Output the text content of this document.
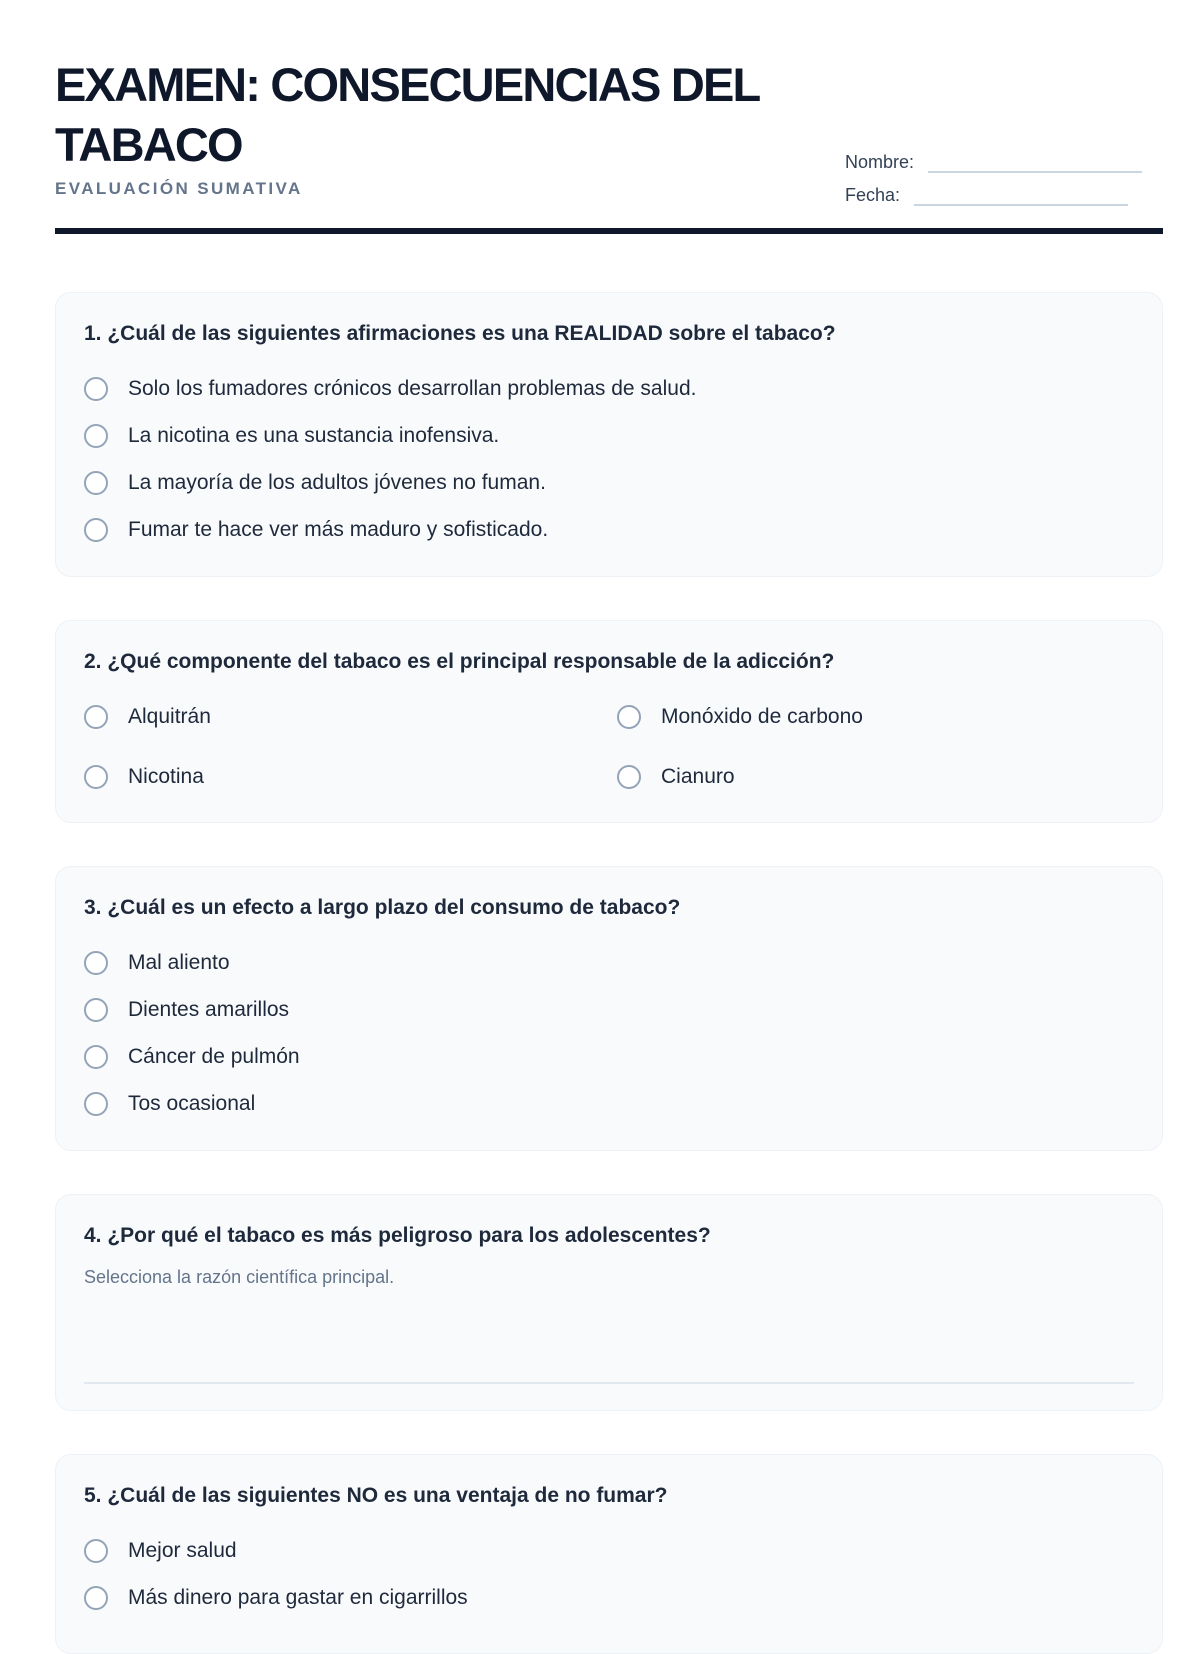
EXAMEN: CONSECUENCIAS DEL TABACO
EVALUACIÓN SUMATIVA
Nombre:
Fecha:
1. ¿Cuál de las siguientes afirmaciones es una REALIDAD sobre el tabaco?
Solo los fumadores crónicos desarrollan problemas de salud.
La nicotina es una sustancia inofensiva.
La mayoría de los adultos jóvenes no fuman.
Fumar te hace ver más maduro y sofisticado.
2. ¿Qué componente del tabaco es el principal responsable de la adicción?
Alquitrán	Monóxido de carbono
Nicotina	Cianuro
3. ¿Cuál es un efecto a largo plazo del consumo de tabaco?
Mal aliento
Dientes amarillos
Cáncer de pulmón
Tos ocasional
4. ¿Por qué el tabaco es más peligroso para los adolescentes?
Selecciona la razón científica principal.
5. ¿Cuál de las siguientes NO es una ventaja de no fumar?
Mejor salud
Más dinero para gastar en cigarrillos
